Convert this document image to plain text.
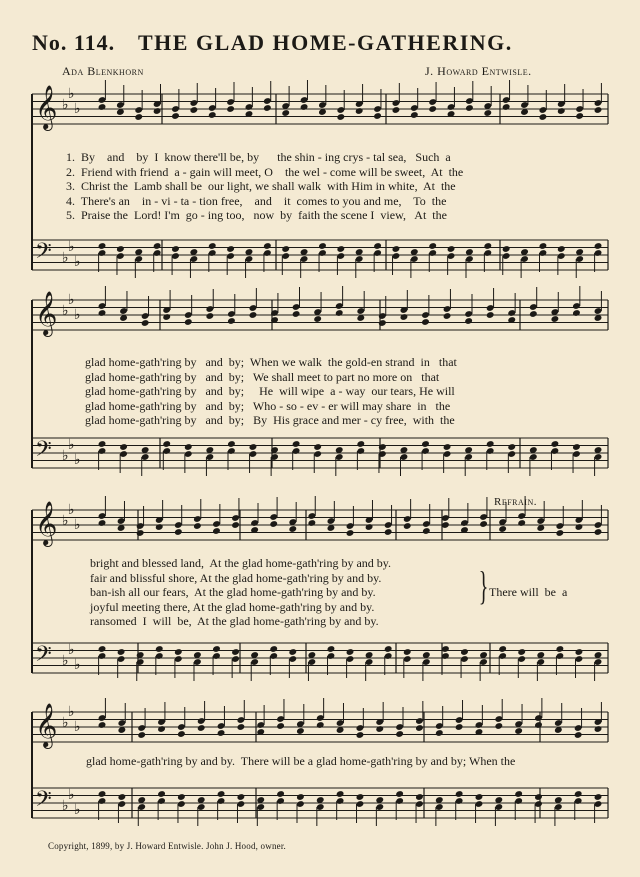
No. 114. THE GLAD HOME-GATHERING.
Ada Blenkhorn	J. Howard Entwisle.
𝄞 ♭
♭
♭
𝄢 ♭
♭
♭
𝄞 ♭
♭
♭
𝄢 ♭
♭
♭
𝄞 ♭
♭
♭
𝄢 ♭
♭
♭
𝄞 ♭
♭
♭
𝄢 ♭
♭
♭
1.  By    and    by  I  know there'll be, by      the shin - ing crys - tal sea,   Such  a
2.  Friend with friend  a - gain will meet, O    the wel - come will be sweet,  At  the
3.  Christ the  Lamb shall be  our light, we shall walk  with Him in white,  At  the
4.  There's an    in - vi - ta - tion free,    and    it  comes to you and me,    To  the
5.  Praise the  Lord! I'm  go - ing too,   now  by  faith the scene I  view,   At  the
glad home-gath'ring by   and  by;  When we walk  the gold-en strand  in   that
glad home-gath'ring by   and  by;   We shall meet to part no more on   that
glad home-gath'ring by   and  by;     He  will wipe  a - way  our tears, He will
glad home-gath'ring by   and  by;   Who - so - ev - er will may share  in   the
glad home-gath'ring by   and  by;   By  His grace and mer - cy free,  with  the
Refrain.
bright and blessed land,  At the glad home-gath'ring by and by.
fair and blissful shore, At the glad home-gath'ring by and by.
ban-ish all our fears,  At the glad home-gath'ring by and by.
joyful meeting there, At the glad home-gath'ring by and by.
ransomed  I  will  be,  At the glad home-gath'ring by and by.
} There will  be  a
glad home-gath'ring by and by.  There will be a glad home-gath'ring by and by; When the
Copyright, 1899, by J. Howard Entwisle. John J. Hood, owner.
